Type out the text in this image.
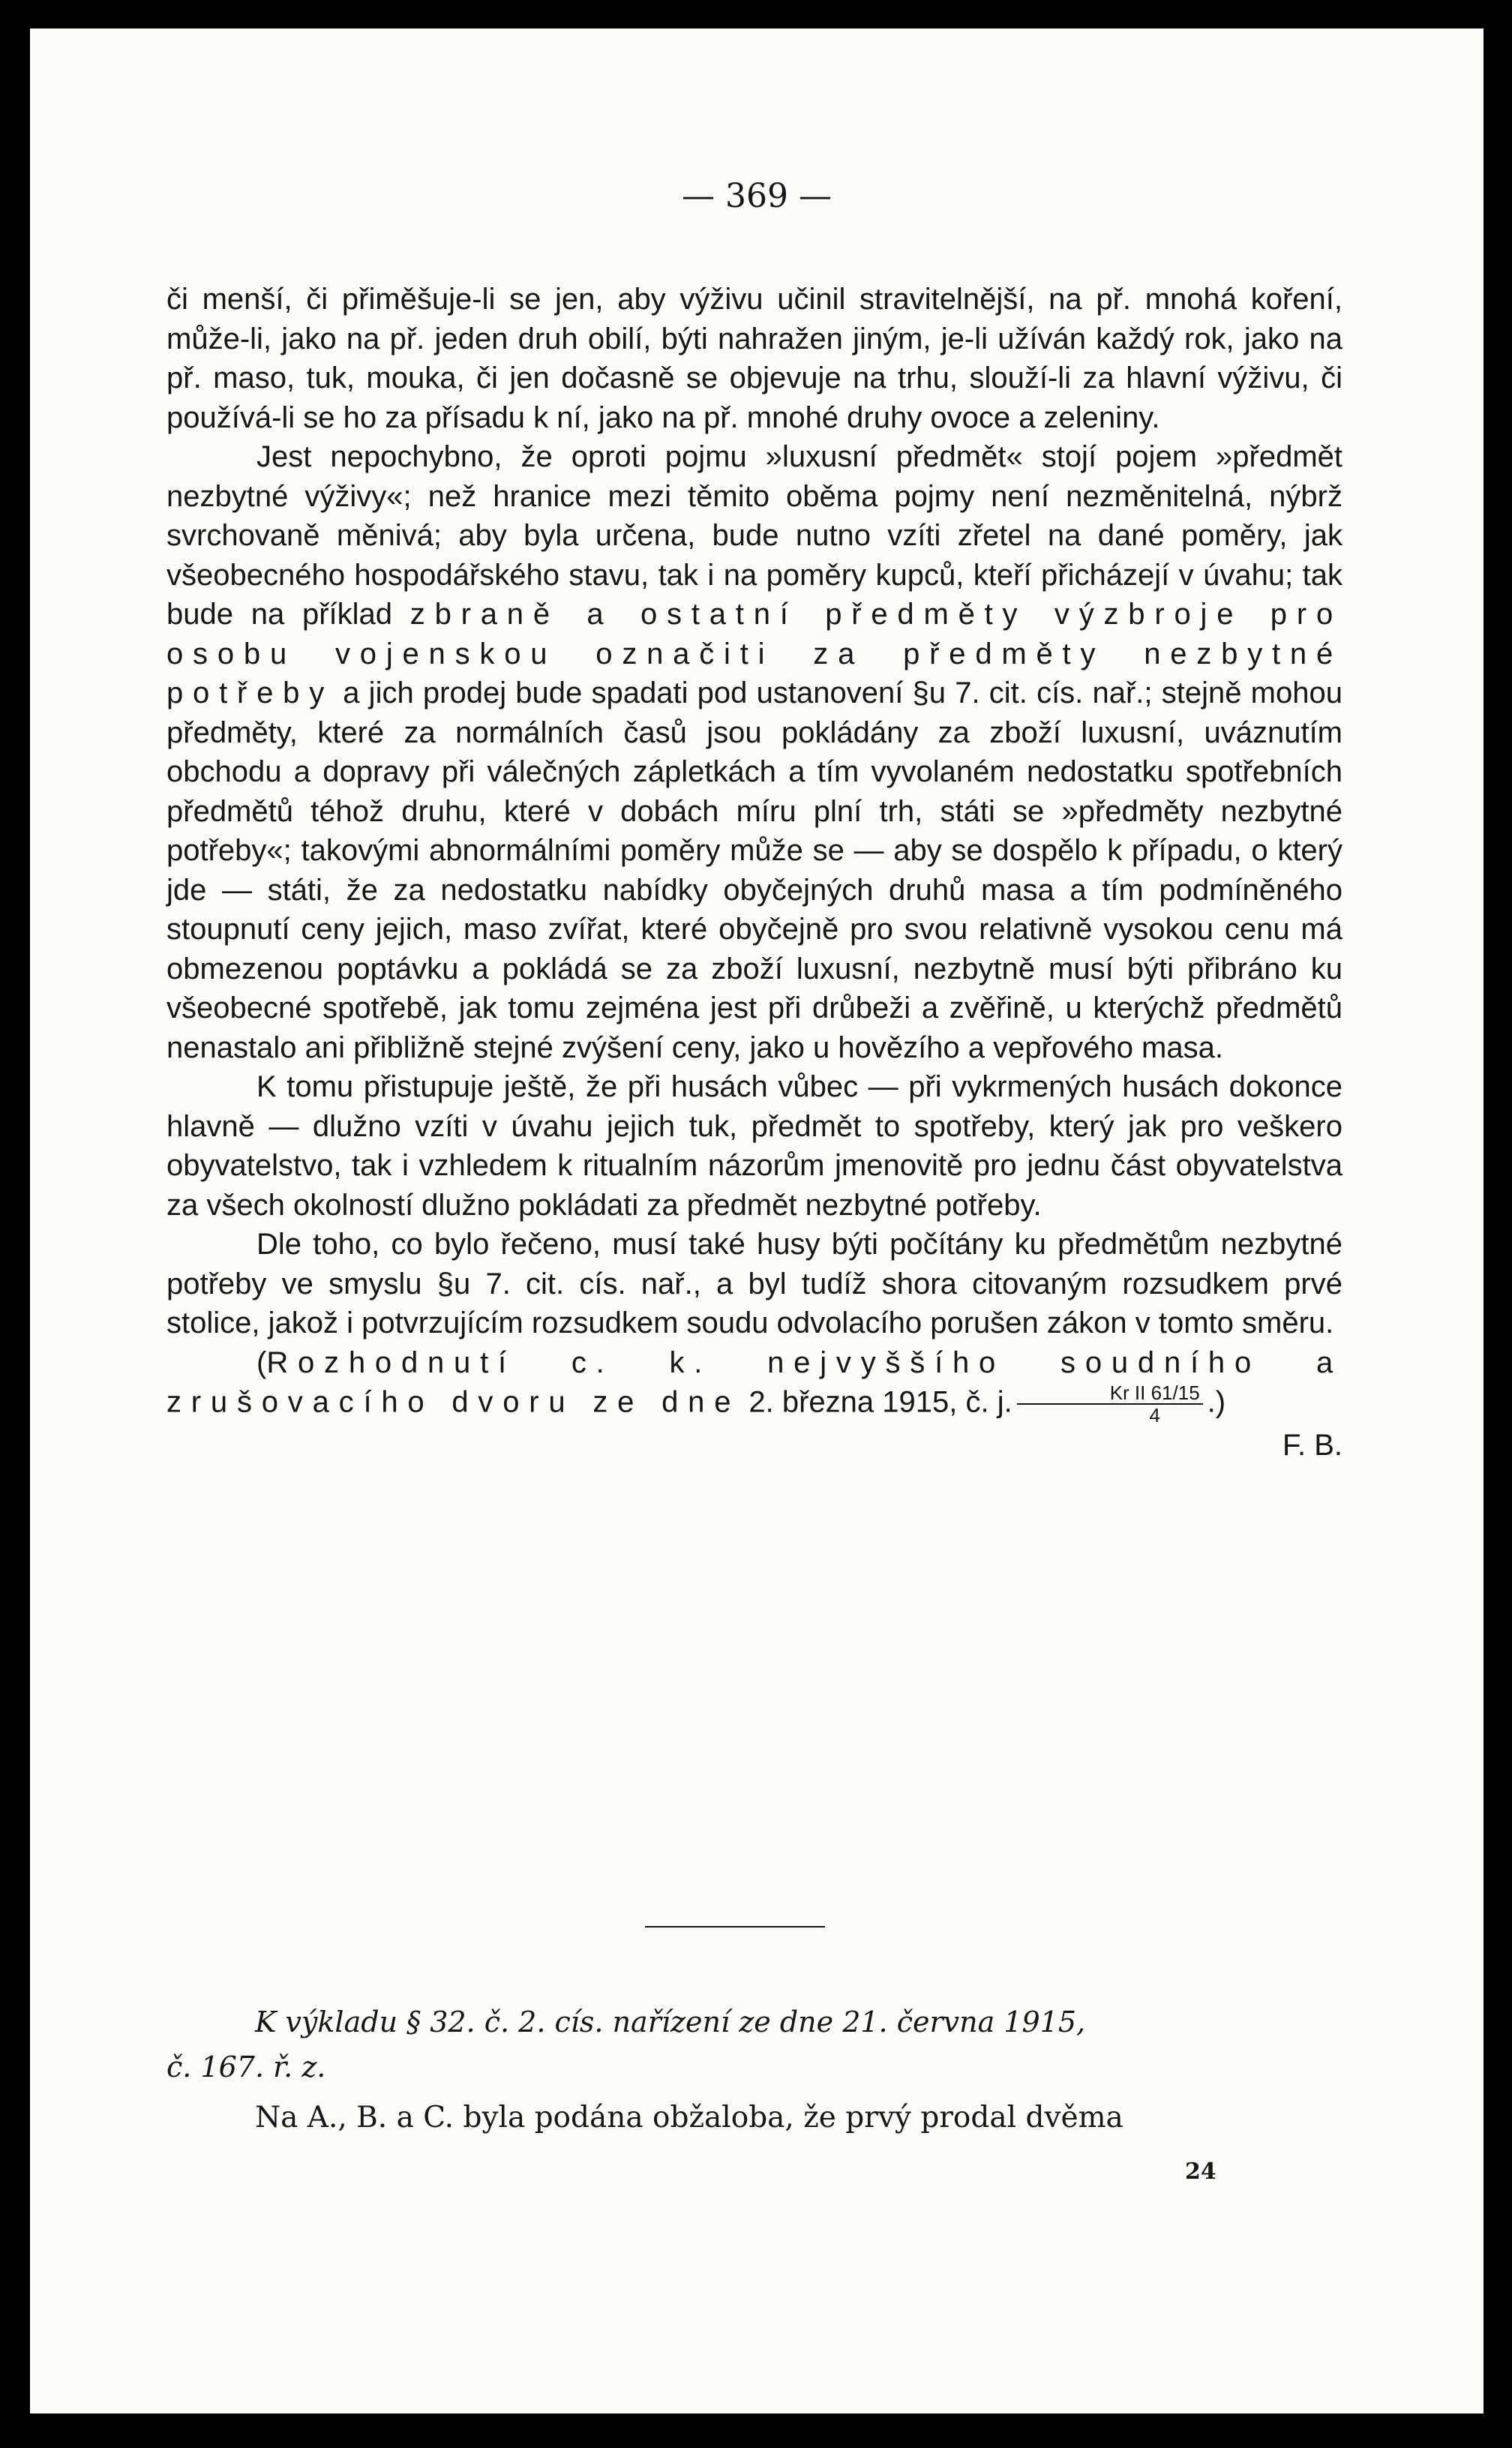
— 369 —

či menší, či přiměšuje-li se jen, aby výživu učinil stravitelnější, na př. mnohá koření, může-li, jako na př. jeden druh obilí, býti nahražen jiným, je-li užíván každý rok, jako na př. maso, tuk, mouka, či jen dočasně se objevuje na trhu, slouží-li za hlavní výživu, či používá-li se ho za přísadu k ní, jako na př. mnohé druhy ovoce a zeleniny.

Jest nepochybno, že oproti pojmu »luxusní předmět« stojí pojem »předmět nezbytné výživy«; než hranice mezi těmito oběma pojmy není nezměnitelná, nýbrž svrchovaně měnivá; aby byla určena, bude nutno vzíti zřetel na dané poměry, jak všeobecného hospodářského stavu, tak i na poměry kupců, kteří přicházejí v úvahu; tak bude na příklad zbraně a ostatní předměty výzbroje pro osobu vojenskou označiti za předměty nezbytné potřeby a jich prodej bude spadati pod ustanovení §u 7. cit. cís. nař.; stejně mohou předměty, které za normálních časů jsou pokládány za zboží luxusní, uváznutím obchodu a dopravy při válečných zápletkách a tím vyvolaném nedostatku spotřebních předmětů téhož druhu, které v dobách míru plní trh, státi se »předměty nezbytné potřeby«; takovými abnormálními poměry může se — aby se dospělo k případu, o který jde — státi, že za nedostatku nabídky obyčejných druhů masa a tím podmíněného stoupnutí ceny jejich, maso zvířat, které obyčejně pro svou relativně vysokou cenu má obmezenou poptávku a pokládá se za zboží luxusní, nezbytně musí býti přibráno ku všeobecné spotřebě, jak tomu zejména jest při drůbeži a zvěřině, u kterýchž předmětů nenastalo ani přibližně stejné zvýšení ceny, jako u hovězího a vepřového masa.

K tomu přistupuje ještě, že při husách vůbec — při vykrmených husách dokonce hlavně — dlužno vzíti v úvahu jejich tuk, předmět to spotřeby, který jak pro veškero obyvatelstvo, tak i vzhledem k ritualním názorům jmenovitě pro jednu část obyvatelstva za všech okolností dlužno pokládati za předmět nezbytné potřeby.

Dle toho, co bylo řečeno, musí také husy býti počítány ku předmětům nezbytné potřeby ve smyslu §u 7. cit. cís. nař., a byl tudíž shora citovaným rozsudkem prvé stolice, jakož i potvrzujícím rozsudkem soudu odvolacího porušen zákon v tomto směru.

(Rozhodnutí c. k. nejvyššího soudního a zrušovacího dvoru ze dne 2. března 1915, č. j. $\frac{\text{Kr II 61/15}}{4}$ .)

F. B.

K výkladu § 32. č. 2. cís. nařízení ze dne 21. června 1915,
č. 167. ř. z.
Na A., B. a C. byla podána obžaloba, že prvý prodal dvěma
24
